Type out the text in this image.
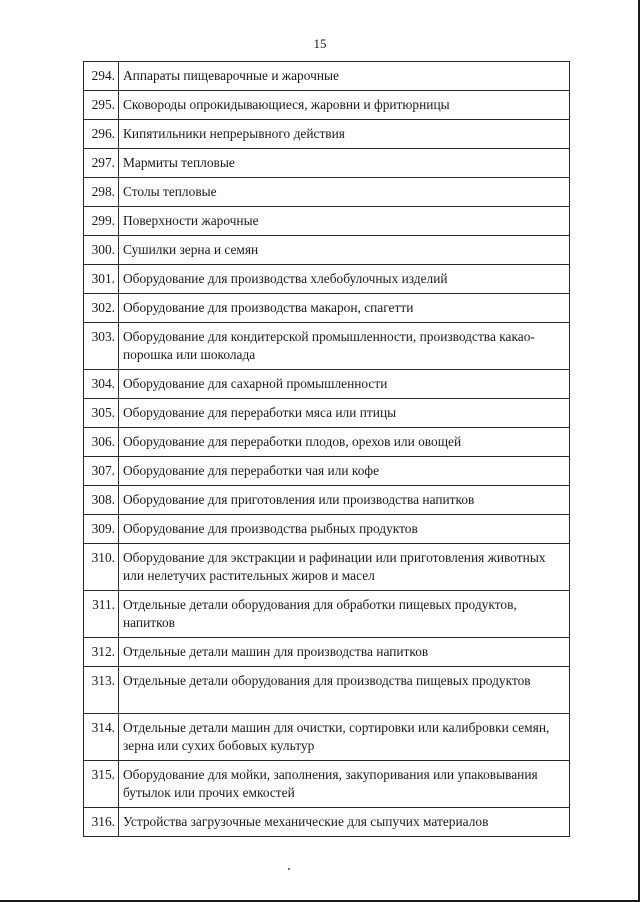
15
294.	Аппараты пищеварочные и жарочные
295.	Сковороды опрокидывающиеся, жаровни и фритюрницы
296.	Кипятильники непрерывного действия
297.	Мармиты тепловые
298.	Столы тепловые
299.	Поверхности жарочные
300.	Сушилки зерна и семян
301.	Оборудование для производства хлебобулочных изделий
302.	Оборудование для производства макарон, спагетти
303.	Оборудование для кондитерской промышленности, производства какао-порошка или шоколада
304.	Оборудование для сахарной промышленности
305.	Оборудование для переработки мяса или птицы
306.	Оборудование для переработки плодов, орехов или овощей
307.	Оборудование для переработки чая или кофе
308.	Оборудование для приготовления или производства напитков
309.	Оборудование для производства рыбных продуктов
310.	Оборудование для экстракции и рафинации или приготовления животных или нелетучих растительных жиров и масел
311.	Отдельные детали оборудования для обработки пищевых продуктов, напитков
312.	Отдельные детали машин для производства напитков
313.	Отдельные детали оборудования для производства пищевых продуктов
314.	Отдельные детали машин для очистки, сортировки или калибровки семян, зерна или сухих бобовых культур
315.	Оборудование для мойки, заполнения, закупоривания или упаковывания бутылок или прочих емкостей
316.	Устройства загрузочные механические для сыпучих материалов
